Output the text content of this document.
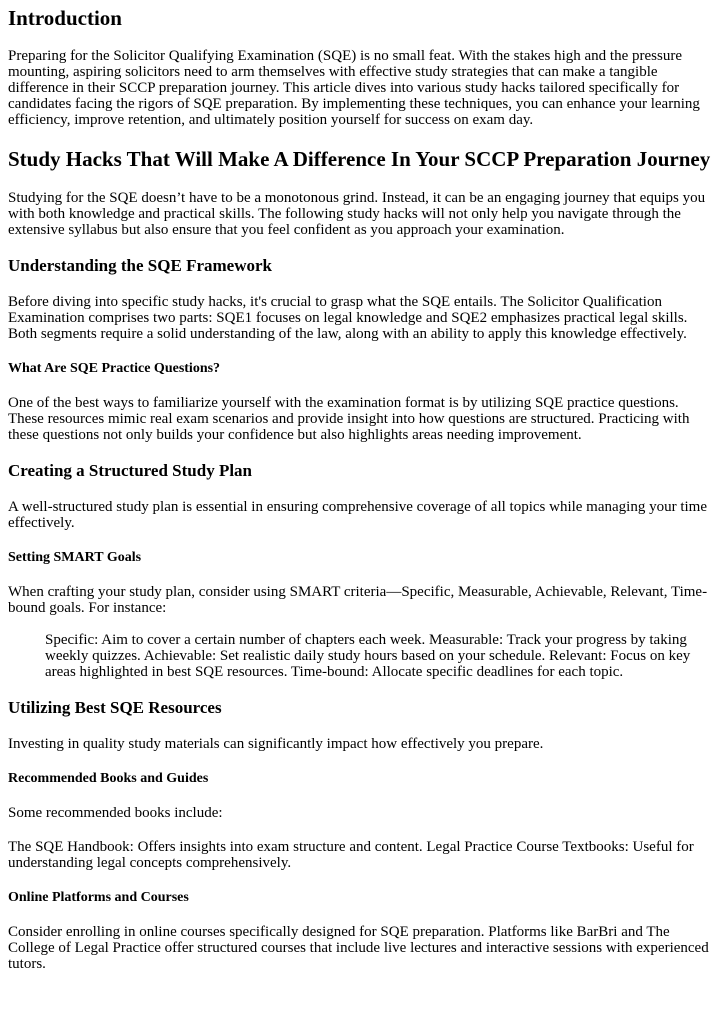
Introduction

Preparing for the Solicitor Qualifying Examination (SQE) is no small feat. With the stakes high and the pressure mounting, aspiring solicitors need to arm themselves with effective study strategies that can make a tangible difference in their SCCP preparation journey. This article dives into various study hacks tailored specifically for candidates facing the rigors of SQE preparation. By implementing these techniques, you can enhance your learning efficiency, improve retention, and ultimately position yourself for success on exam day.

Study Hacks That Will Make A Difference In Your SCCP Preparation Journey

Studying for the SQE doesn’t have to be a monotonous grind. Instead, it can be an engaging journey that equips you with both knowledge and practical skills. The following study hacks will not only help you navigate through the extensive syllabus but also ensure that you feel confident as you approach your examination.

Understanding the SQE Framework

Before diving into specific study hacks, it's crucial to grasp what the SQE entails. The Solicitor Qualification Examination comprises two parts: SQE1 focuses on legal knowledge and SQE2 emphasizes practical legal skills. Both segments require a solid understanding of the law, along with an ability to apply this knowledge effectively.

What Are SQE Practice Questions?

One of the best ways to familiarize yourself with the examination format is by utilizing SQE practice questions. These resources mimic real exam scenarios and provide insight into how questions are structured. Practicing with these questions not only builds your confidence but also highlights areas needing improvement.

Creating a Structured Study Plan

A well-structured study plan is essential in ensuring comprehensive coverage of all topics while managing your time effectively.

Setting SMART Goals

When crafting your study plan, consider using SMART criteria—Specific, Measurable, Achievable, Relevant, Time-bound goals. For instance:

Specific: Aim to cover a certain number of chapters each week. Measurable: Track your progress by taking weekly quizzes. Achievable: Set realistic daily study hours based on your schedule. Relevant: Focus on key areas highlighted in best SQE resources. Time-bound: Allocate specific deadlines for each topic.
Utilizing Best SQE Resources

Investing in quality study materials can significantly impact how effectively you prepare.

Recommended Books and Guides

Some recommended books include:

The SQE Handbook: Offers insights into exam structure and content. Legal Practice Course Textbooks: Useful for understanding legal concepts comprehensively.

Online Platforms and Courses

Consider enrolling in online courses specifically designed for SQE preparation. Platforms like BarBri and The College of Legal Practice offer structured courses that include live lectures and interactive sessions with experienced tutors.
